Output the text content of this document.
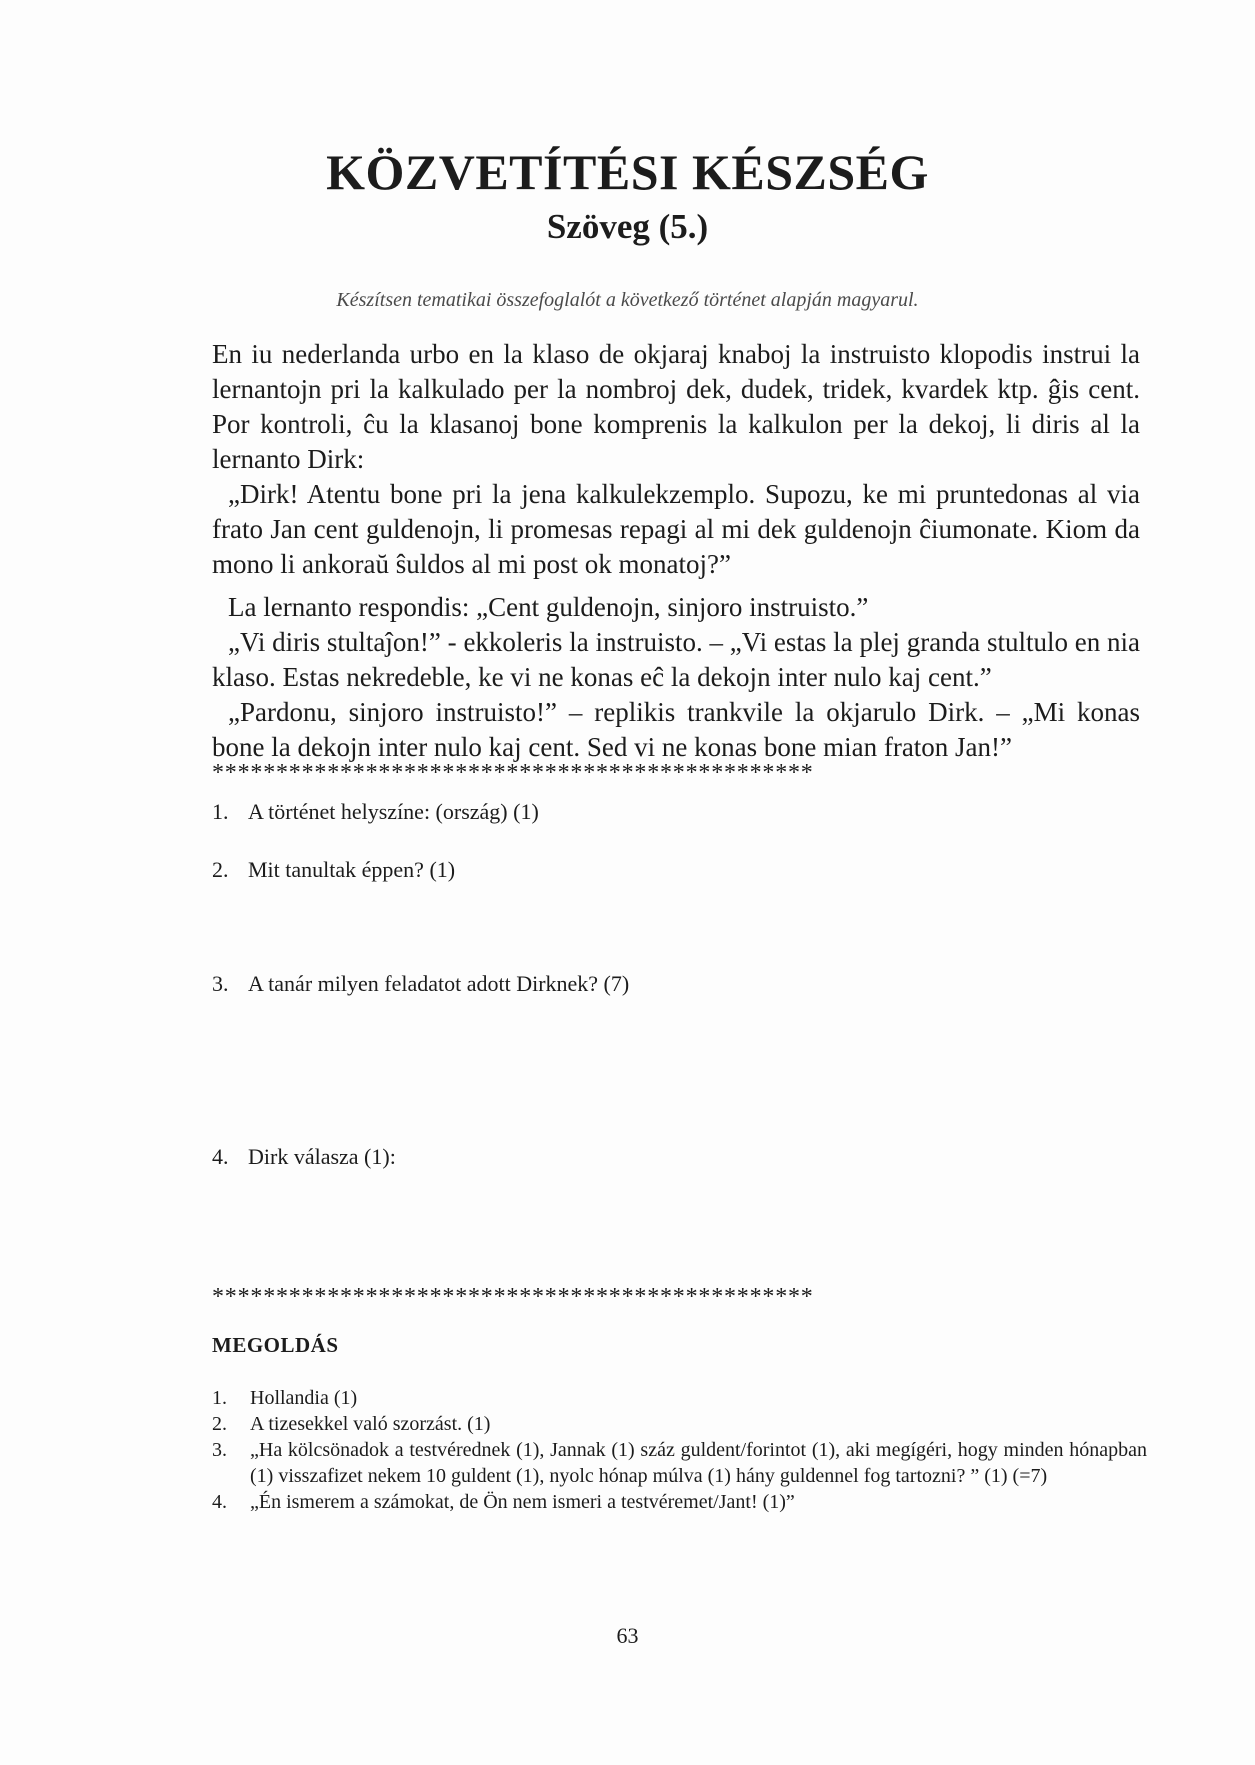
KÖZVETÍTÉSI KÉSZSÉG
Szöveg (5.)
Készítsen tematikai összefoglalót a következő történet alapján magyarul.

En iu nederlanda urbo en la klaso de okjaraj knaboj la instruisto klopodis instrui la lernantojn pri la kalkulado per la nombroj dek, dudek, tridek, kvardek ktp. ĝis cent. Por kontroli, ĉu la klasanoj bone komprenis la kalkulon per la dekoj, li diris al la lernanto Dirk:

„Dirk! Atentu bone pri la jena kalkulekzemplo. Supozu, ke mi pruntedonas al via frato Jan cent guldenojn, li promesas repagi al mi dek guldenojn ĉiumonate. Kiom da mono li ankoraŭ ŝuldos al mi post ok monatoj?”

La lernanto respondis: „Cent guldenojn, sinjoro instruisto.”

„Vi diris stultaĵon!” - ekkoleris la instruisto. – „Vi estas la plej granda stultulo en nia klaso. Estas nekredeble, ke vi ne konas eĉ la dekojn inter nulo kaj cent.”

„Pardonu, sinjoro instruisto!” – replikis trankvile la okjarulo Dirk. – „Mi konas bone la dekojn inter nulo kaj cent. Sed vi ne konas bone mian fraton Jan!”

***********************************************
1. A történet helyszíne: (ország) (1)
2. Mit tanultak éppen? (1)
3. A tanár milyen feladatot adott Dirknek? (7)
4. Dirk válasza (1):
***********************************************
MEGOLDÁS
1.	Hollandia (1)
2.	A tizesekkel való szorzást. (1)
3.	„Ha kölcsönadok a testvérednek (1), Jannak (1) száz guldent/forintot (1), aki megígéri, hogy minden hónapban (1) visszafizet nekem 10 guldent (1), nyolc hónap múlva (1) hány guldennel fog tartozni? ” (1) (=7)
4.	„Én ismerem a számokat, de Ön nem ismeri a testvéremet/Jant! (1)”
63
